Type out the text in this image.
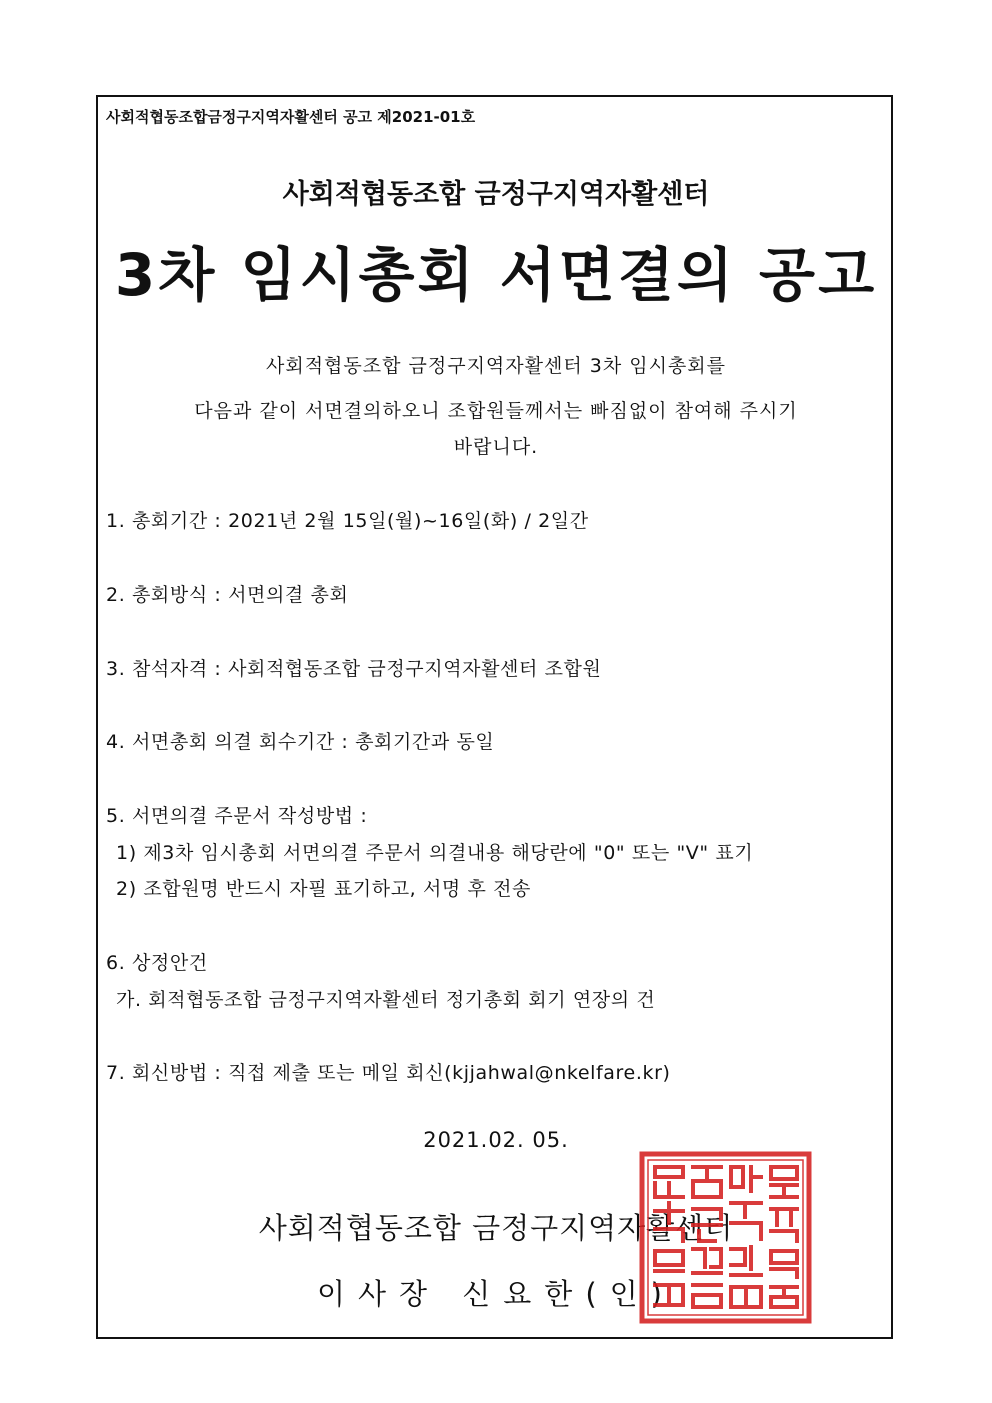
사회적협동조합금정구지역자활센터 공고 제2021-01호
사회적협동조합 금정구지역자활센터
3차 임시총회 서면결의 공고
사회적협동조합 금정구지역자활센터 3차 임시총회를
다음과 같이 서면결의하오니 조합원들께서는 빠짐없이 참여해 주시기
바랍니다.
1. 총회기간 : 2021년 2월 15일(월)~16일(화) / 2일간
2. 총회방식 : 서면의결 총회
3. 참석자격 : 사회적협동조합 금정구지역자활센터 조합원
4. 서면총회 의결 회수기간 : 총회기간과 동일
5. 서면의결 주문서 작성방법 :
1) 제3차 임시총회 서면의결 주문서 의결내용 해당란에 "0" 또는 "V" 표기
2) 조합원명 반드시 자필 표기하고, 서명 후 전송
6. 상정안건
가. 회적협동조합 금정구지역자활센터 정기총회 회기 연장의 건
7. 회신방법 : 직접 제출 또는 메일 회신(kjjahwal@nkelfare.kr)
2021.02. 05.
사회적협동조합 금정구지역자활센터
이사장 신요한(인)
